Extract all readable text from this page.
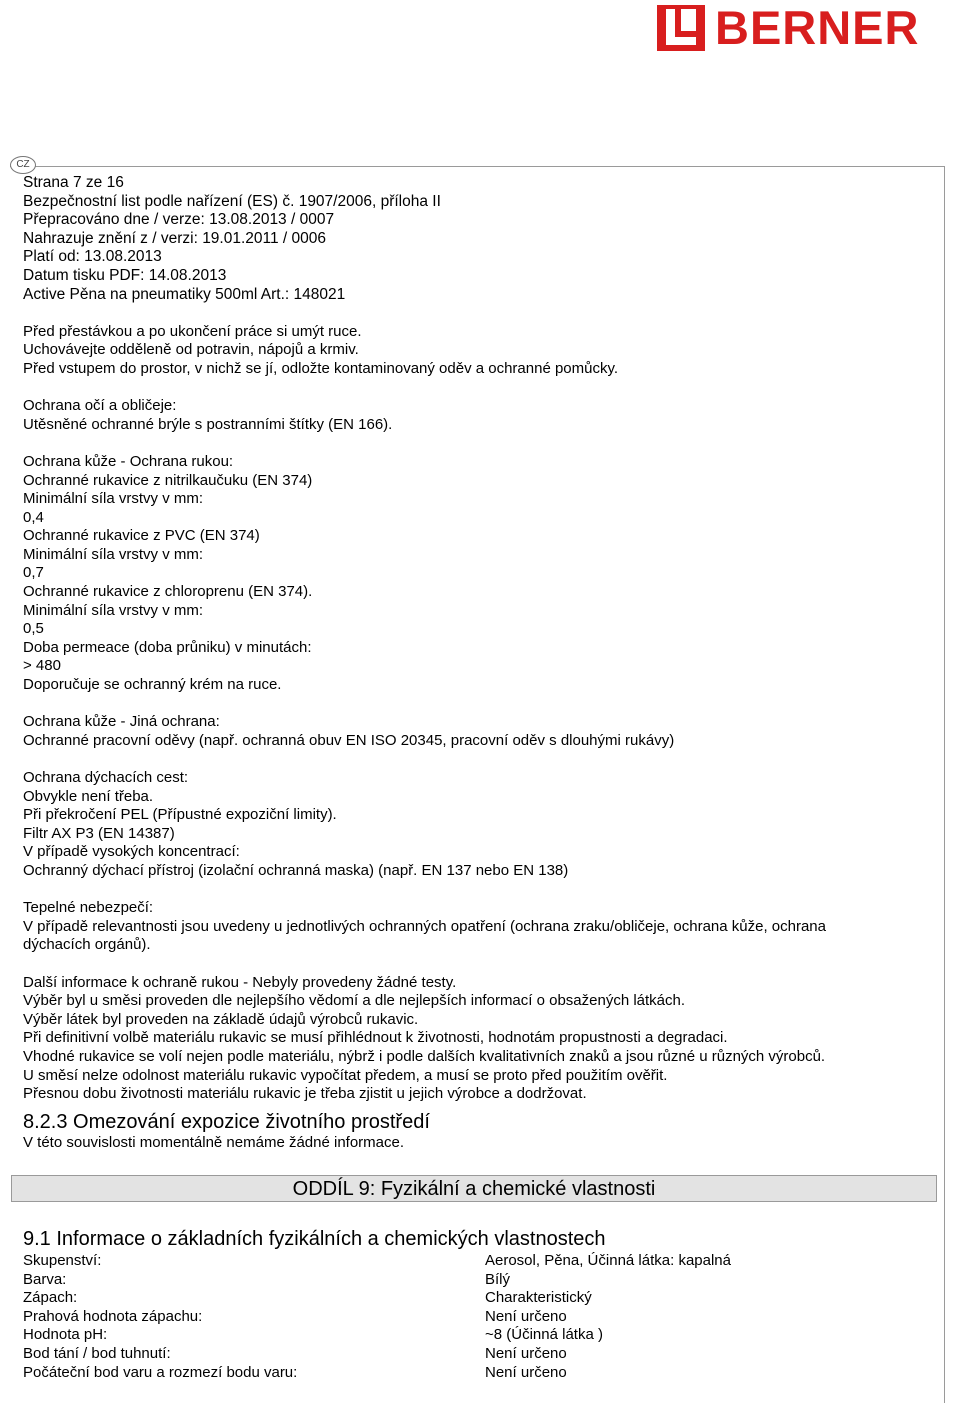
BERNER
CZ
Strana 7 ze 16
Bezpečnostní list podle nařízení (ES) č. 1907/2006, příloha II
Přepracováno dne / verze: 13.08.2013 / 0007
Nahrazuje znění z / verzi: 19.01.2011 / 0006
Platí od: 13.08.2013
Datum tisku PDF: 14.08.2013
Active Pěna na pneumatiky 500ml Art.: 148021
Před přestávkou a po ukončení práce si umýt ruce.
Uchovávejte odděleně od potravin, nápojů a krmiv.
Před vstupem do prostor, v nichž se jí, odložte kontaminovaný oděv a ochranné pomůcky.
Ochrana očí a obličeje:
Utěsněné ochranné brýle s postranními štítky (EN 166).
Ochrana kůže - Ochrana rukou:
Ochranné rukavice z nitrilkaučuku (EN 374)
Minimální síla vrstvy v mm:
0,4
Ochranné rukavice z PVC (EN 374)
Minimální síla vrstvy v mm:
0,7
Ochranné rukavice z chloroprenu (EN 374).
Minimální síla vrstvy v mm:
0,5
Doba permeace (doba průniku) v minutách:
> 480
Doporučuje se ochranný krém na ruce.
Ochrana kůže - Jiná ochrana:
Ochranné pracovní oděvy (např. ochranná obuv EN ISO 20345, pracovní oděv s dlouhými rukávy)
Ochrana dýchacích cest:
Obvykle není třeba.
Při překročení PEL (Přípustné expoziční limity).
Filtr AX P3 (EN 14387)
V případě vysokých koncentrací:
Ochranný dýchací přístroj (izolační ochranná maska) (např. EN 137 nebo EN 138)
Tepelné nebezpečí:
V případě relevantnosti jsou uvedeny u jednotlivých ochranných opatření (ochrana zraku/obličeje, ochrana kůže, ochrana
dýchacích orgánů).
Další informace k ochraně rukou - Nebyly provedeny žádné testy.
Výběr byl u směsi proveden dle nejlepšího vědomí a dle nejlepších informací o obsažených látkách.
Výběr látek byl proveden na základě údajů výrobců rukavic.
Při definitivní volbě materiálu rukavic se musí přihlédnout k životnosti, hodnotám propustnosti a degradaci.
Vhodné rukavice se volí nejen podle materiálu, nýbrž i podle dalších kvalitativních znaků a jsou různé u různých výrobců.
U směsí nelze odolnost materiálu rukavic vypočítat předem, a musí se proto před použitím ověřit.
Přesnou dobu životnosti materiálu rukavic je třeba zjistit u jejich výrobce a dodržovat.
8.2.3 Omezování expozice životního prostředí
V této souvislosti momentálně nemáme žádné informace.
ODDÍL 9: Fyzikální a chemické vlastnosti
9.1 Informace o základních fyzikálních a chemických vlastnostech
Skupenství:	Aerosol, Pěna, Účinná látka: kapalná
Barva:	Bílý
Zápach:	Charakteristický
Prahová hodnota zápachu:	Není určeno
Hodnota pH:	~8 (Účinná látka )
Bod tání / bod tuhnutí:	Není určeno
Počáteční bod varu a rozmezí bodu varu:	Není určeno
